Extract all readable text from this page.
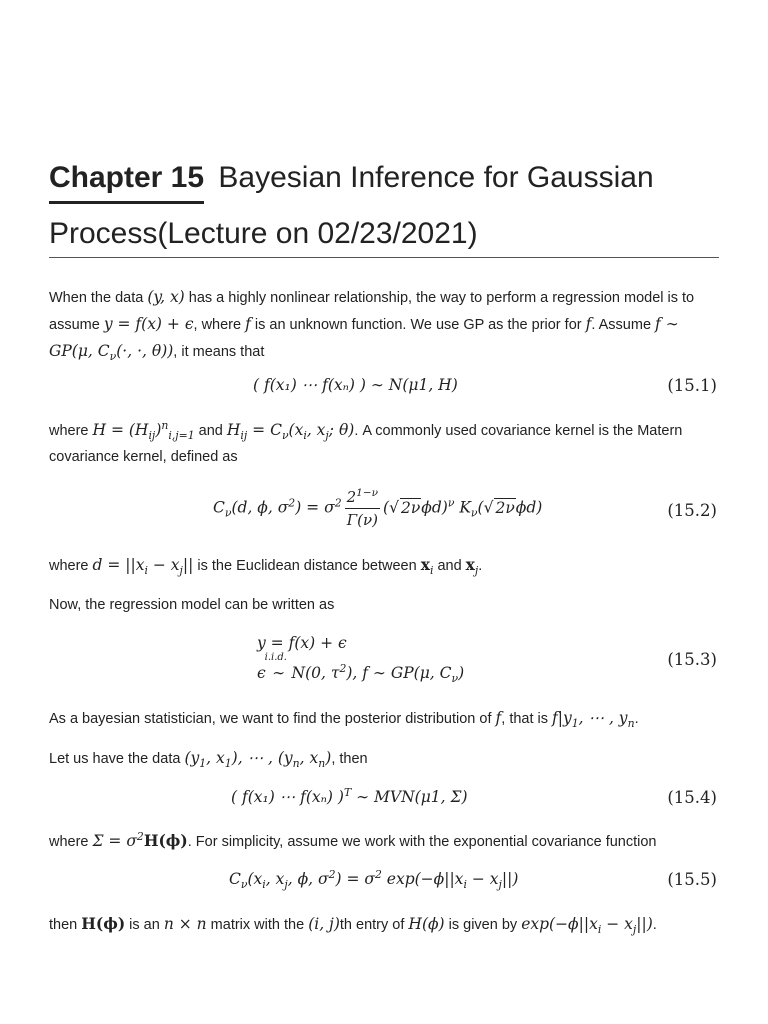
Chapter 15 Bayesian Inference for Gaussian Process(Lecture on 02/23/2021)

When the data (y, x) has a highly nonlinear relationship, the way to perform a regression model is to assume y = f(x) + ϵ, where f is an unknown function. We use GP as the prior for f. Assume f ∼ GP(μ, $C_\nu(\cdot$, ·, θ)), it means that

( f(x₁) ⋯ f(xₙ) ) ∼ N(μ1, H)	(15.1)

where $H = (H_{ij})^n_{i,j=1}$ and $H_{ij} = C_\nu(x_i$, $x_j$; θ). A commonly used covariance kernel is the Matern covariance kernel, defined as

$C_\nu(d$, ϕ, $\sigma^2) = \sigma^2 \frac{2^{1-\nu}}{\Gamma(\nu)}$ (√ 2νϕd)$^\nu$ $K_\nu(√$ 2νϕd)	(15.2)

where $d = ||x_i - x_j||$ is the Euclidean distance between $x_i$ and $x_j$.

Now, the regression model can be written as

y = f(x) + ϵ
ϵ
i.i.d.
∼ N(0, $\tau^2$), f ∼ GP(μ, $C_\nu$)
(15.3)

As a bayesian statistician, we want to find the posterior distribution of f, that is $f|y_1$, ⋯ , $y_n$.

Let us have the data ($y_1$, $x_1$), ⋯ , ($y_n$, $x_n$), then

( f(x₁) ⋯ f(xₙ) )$^T$ ∼ MVN(μ1, Σ)	(15.4)

where $\Sigma = \sigma^2H(\phi)$. For simplicity, assume we work with the exponential covariance function

$C_\nu(x_i$, $x_j$, ϕ, $\sigma^2) = \sigma^2$ $\exp(-\phi||x_i - x_j||)$	(15.5)

then H(ϕ) is an n × n matrix with the (i, j)th entry of H(ϕ) is given by $\exp(-\phi||x_i - x_j||)$.
